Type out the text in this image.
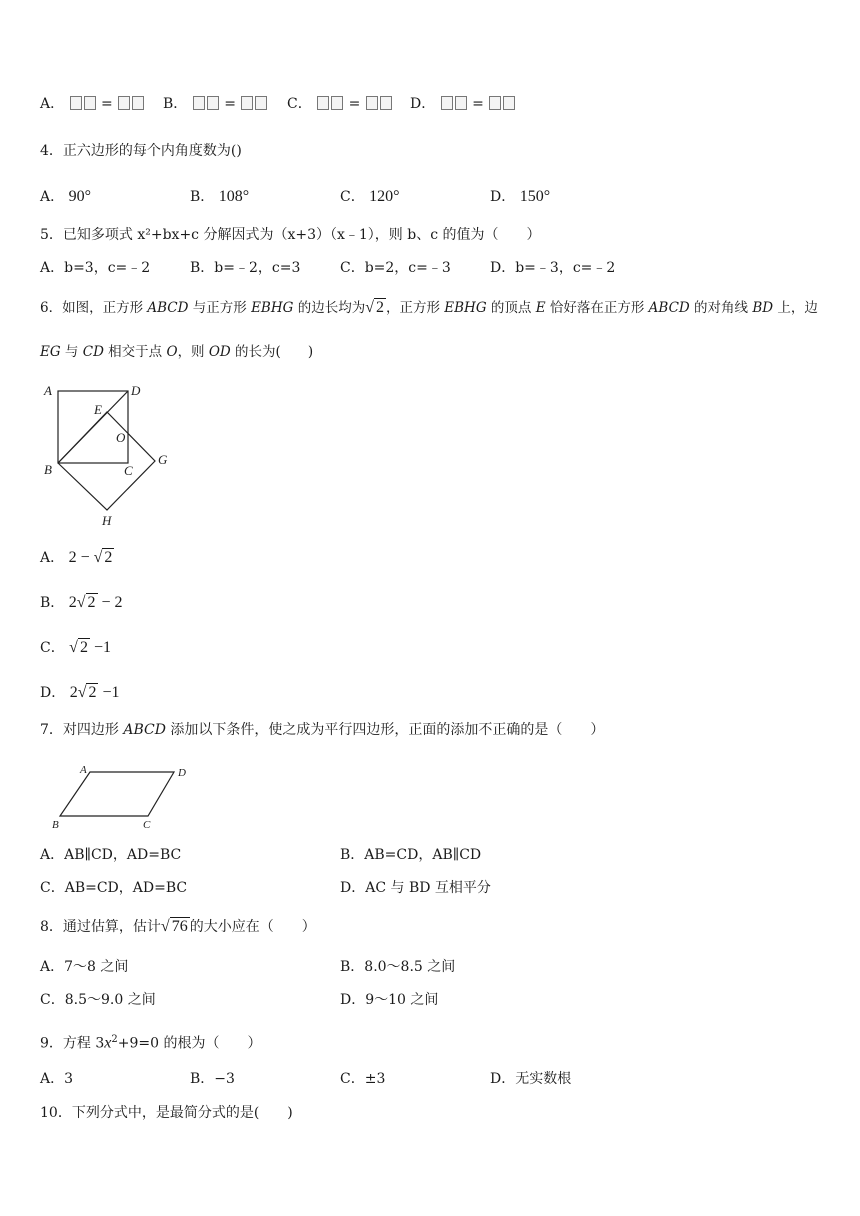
A．  =	B．  =	C．  =	D．  =
4．正六边形的每个内角度数为()
A． 90°	B． 108°	C． 120°	D． 150°
5．已知多项式 x²+bx+c 分解因式为（x+3）（x﹣1），则 b、c 的值为（　　）
A．b=3，c=﹣2	B．b=﹣2，c=3	C．b=2，c=﹣3	D．b=﹣3，c=﹣2
6．如图，正方形 ABCD 与正方形 EBHG 的边长均为√ 2 ，正方形 EBHG 的顶点 E 恰好落在正方形 ABCD 的对角线 BD 上，边
EG 与 CD 相交于点 O，则 OD 的长为(　　)
A	D
E
O
B	C
G
H
A． 2 − √ 2
B． 2√ 2 − 2
C． √ 2 −1
D． 2√ 2 −1
7．对四边形 ABCD 添加以下条件，使之成为平行四边形，正面的添加不正确的是（　　）
A	D
B	C
A．AB∥CD，AD=BC	B．AB=CD，AB∥CD
C．AB=CD，AD=BC	D．AC 与 BD 互相平分
8．通过估算，估计√ 76 的大小应在（　　）
A．7～8 之间	B．8.0～8.5 之间
C．8.5～9.0 之间	D．9～10 之间
9．方程 $3x^2+9=0$ 的根为（　　）
A．3	B．−3	C．±3	D．无实数根
10．下列分式中，是最简分式的是(　　)
